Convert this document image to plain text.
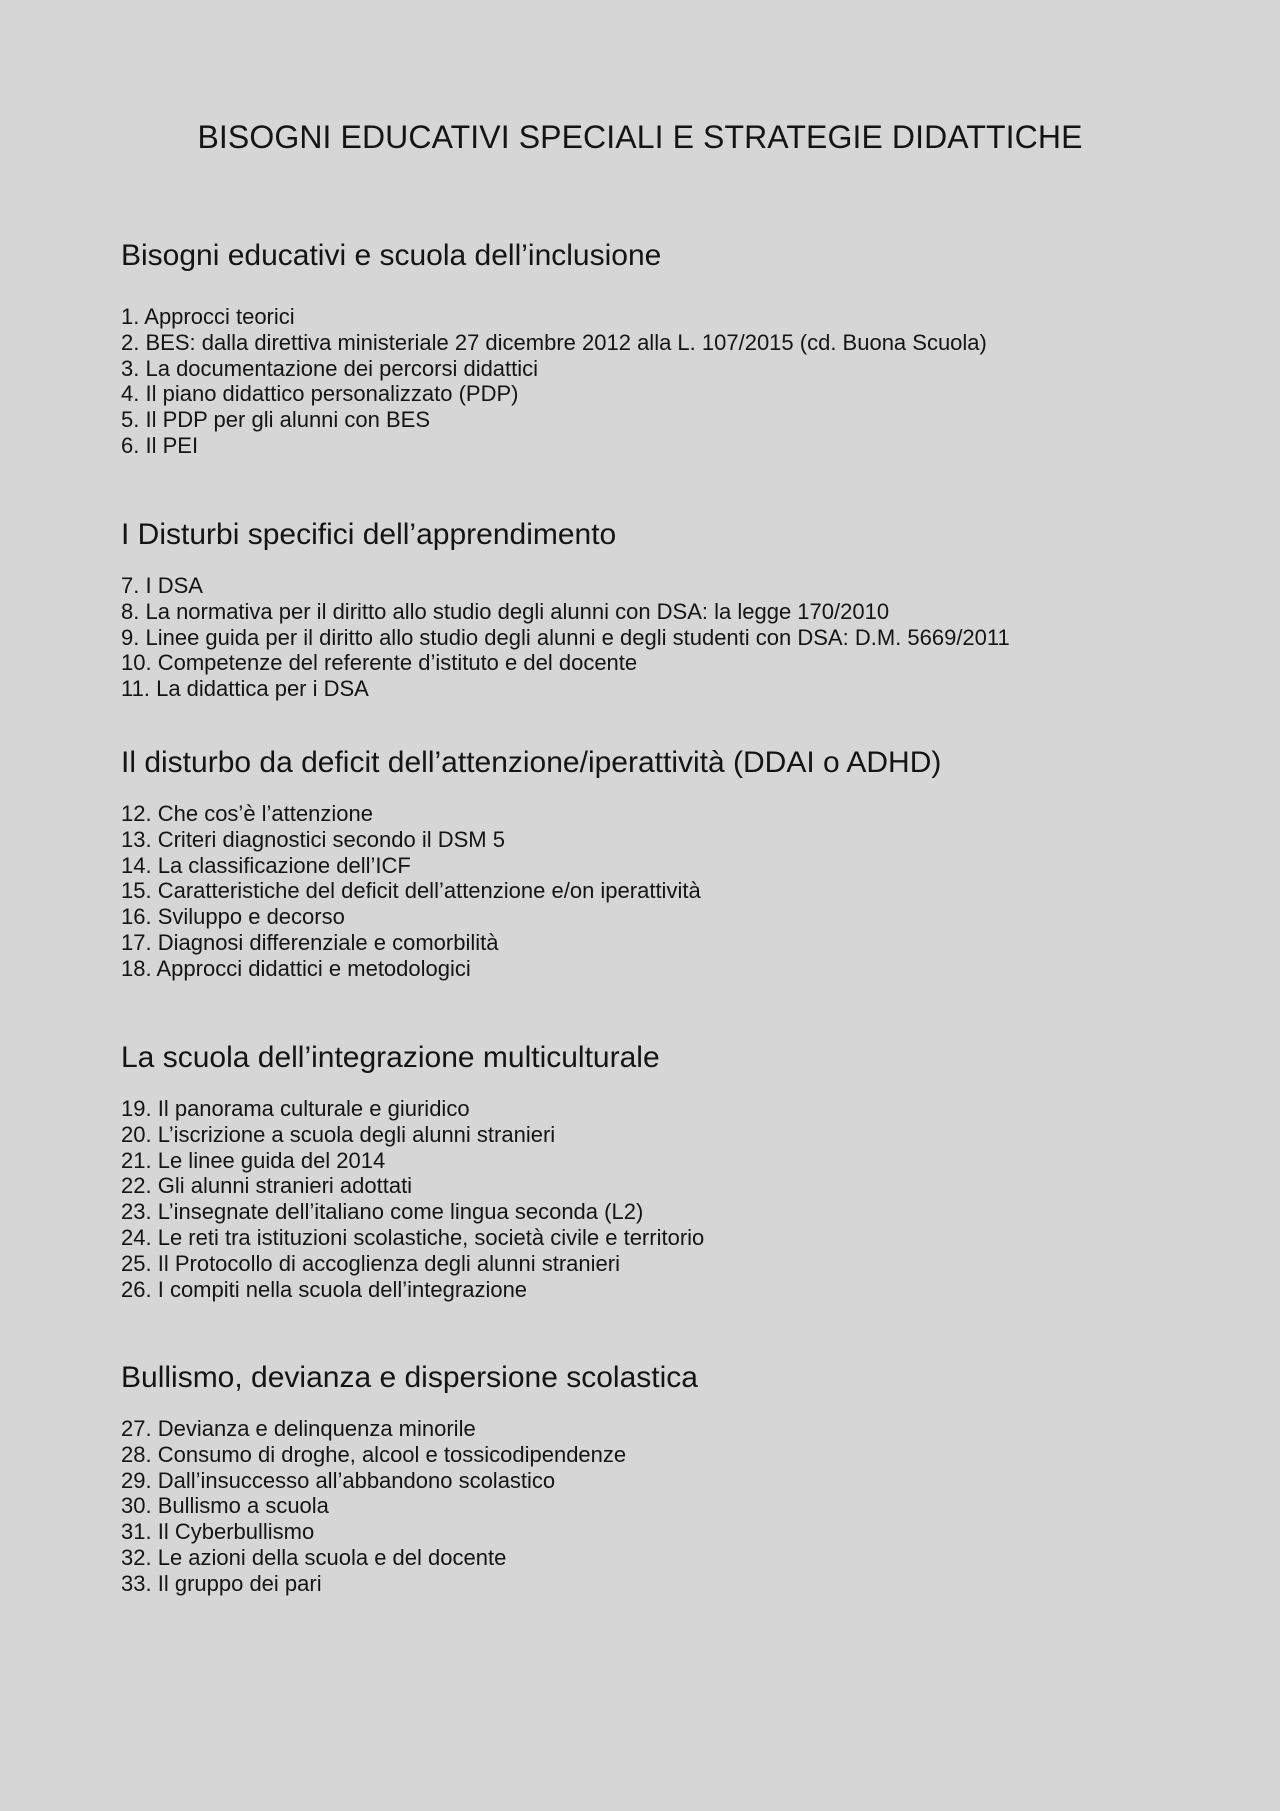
BISOGNI EDUCATIVI SPECIALI E STRATEGIE DIDATTICHE
Bisogni educativi e scuola dell’inclusione
1. Approcci teorici
2. BES: dalla direttiva ministeriale 27 dicembre 2012 alla L. 107/2015 (cd. Buona Scuola)
3. La documentazione dei percorsi didattici
4. Il piano didattico personalizzato (PDP)
5. Il PDP per gli alunni con BES
6. Il PEI
I Disturbi specifici dell’apprendimento
7. I DSA
8. La normativa per il diritto allo studio degli alunni con DSA: la legge 170/2010
9. Linee guida per il diritto allo studio degli alunni e degli studenti con DSA: D.M. 5669/2011
10. Competenze del referente d’istituto e del docente
11. La didattica per i DSA
Il disturbo da deficit dell’attenzione/iperattività (DDAI o ADHD)
12. Che cos’è l’attenzione
13. Criteri diagnostici secondo il DSM 5
14. La classificazione dell’ICF
15. Caratteristiche del deficit dell’attenzione e/on iperattività
16. Sviluppo e decorso
17. Diagnosi differenziale e comorbilità
18. Approcci didattici e metodologici
La scuola dell’integrazione multiculturale
19. Il panorama culturale e giuridico
20. L’iscrizione a scuola degli alunni stranieri
21. Le linee guida del 2014
22. Gli alunni stranieri adottati
23. L’insegnate dell’italiano come lingua seconda (L2)
24. Le reti tra istituzioni scolastiche, società civile e territorio
25. Il Protocollo di accoglienza degli alunni stranieri
26. I compiti nella scuola dell’integrazione
Bullismo, devianza e dispersione scolastica
27. Devianza e delinquenza minorile
28. Consumo di droghe, alcool e tossicodipendenze
29. Dall’insuccesso all’abbandono scolastico
30. Bullismo a scuola
31. Il Cyberbullismo
32. Le azioni della scuola e del docente
33. Il gruppo dei pari
